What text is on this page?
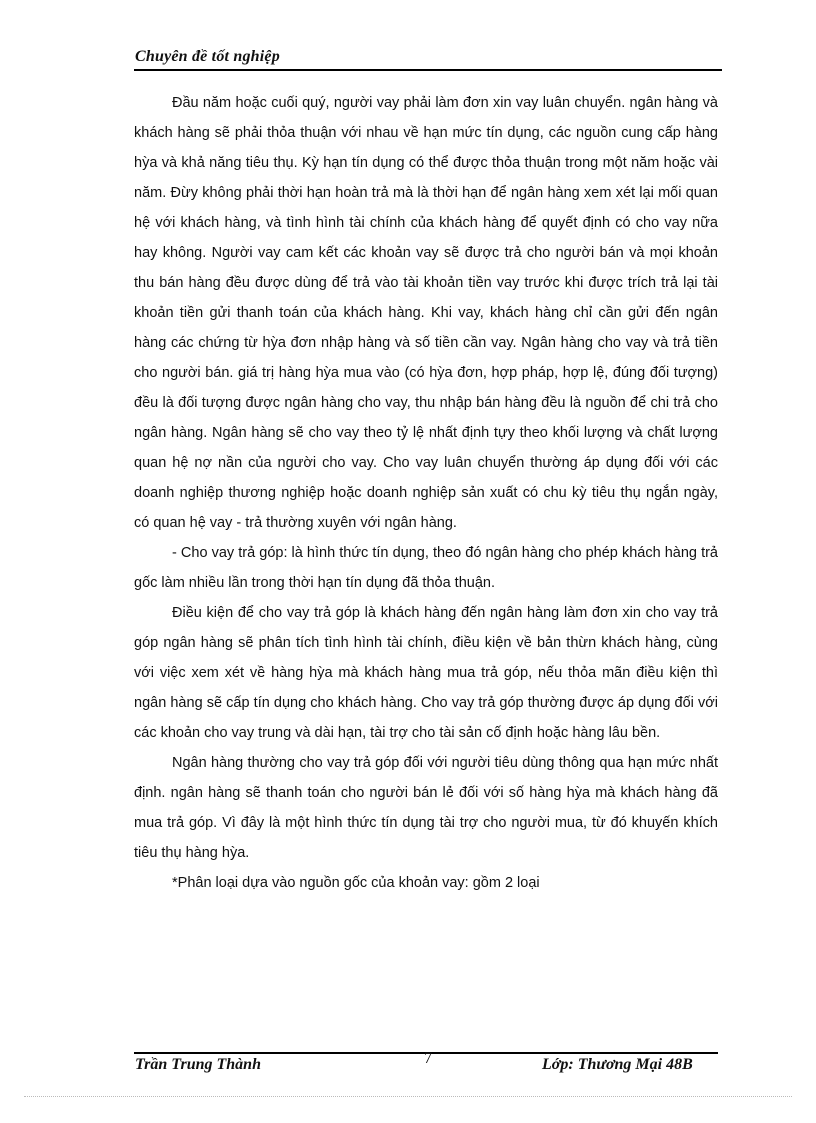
Chuyên đề tốt nghiệp

Đầu năm hoặc cuối quý, người vay phải làm đơn xin vay luân chuyển. ngân hàng và khách hàng sẽ phải thỏa thuận với nhau về hạn mức tín dụng, các nguồn cung cấp hàng hỳa và khả năng tiêu thụ. Kỳ hạn tín dụng có thể được thỏa thuận trong một năm hoặc vài năm. Đừy không phải thời hạn hoàn trả mà là thời hạn để ngân hàng xem xét lại mối quan hệ với khách hàng, và tình hình tài chính của khách hàng để quyết định có cho vay nữa hay không. Người vay cam kết các khoản vay sẽ được trả cho người bán và mọi khoản thu bán hàng đều được dùng để trả vào tài khoản tiền vay trước khi được trích trả lại tài khoản tiền gửi thanh toán của khách hàng. Khi vay, khách hàng chỉ cần gửi đến ngân hàng các chứng từ hỳa đơn nhập hàng và số tiền cần vay. Ngân hàng cho vay và trả tiền cho người bán. giá trị hàng hỳa mua vào (có hỳa đơn, hợp pháp, hợp lệ, đúng đối tượng) đều là đối tượng được ngân hàng cho vay, thu nhập bán hàng đều là nguồn để chi trả cho ngân hàng. Ngân hàng sẽ cho vay theo tỷ lệ nhất định tựy theo khối lượng và chất lượng quan hệ nợ nần của người cho vay. Cho vay luân chuyển thường áp dụng đối với các doanh nghiệp thương nghiệp hoặc doanh nghiệp sản xuất có chu kỳ tiêu thụ ngắn ngày, có quan hệ vay - trả thường xuyên với ngân hàng.

- Cho vay trả góp: là hình thức tín dụng, theo đó ngân hàng cho phép khách hàng trả gốc làm nhiều lần trong thời hạn tín dụng đã thỏa thuận.

Điều kiện để cho vay trả góp là khách hàng đến ngân hàng làm đơn xin cho vay trả góp ngân hàng sẽ phân tích tình hình tài chính, điều kiện về bản thừn khách hàng, cùng với việc xem xét về hàng hỳa mà khách hàng mua trả góp, nếu thỏa mãn điều kiện thì ngân hàng sẽ cấp tín dụng cho khách hàng. Cho vay trả góp thường được áp dụng đối với các khoản cho vay trung và dài hạn, tài trợ cho tài sản cố định hoặc hàng lâu bền.

Ngân hàng thường cho vay trả góp đối với người tiêu dùng thông qua hạn mức nhất định. ngân hàng sẽ thanh toán cho người bán lẻ đối với số hàng hỳa mà khách hàng đã mua trả góp. Vì đây là một hình thức tín dụng tài trợ cho người mua, từ đó khuyến khích tiêu thụ hàng hỳa.

*Phân loại dựa vào nguồn gốc của khoản vay: gồm 2 loại

Trần Trung Thành	7	Lớp: Thương Mại 48B
